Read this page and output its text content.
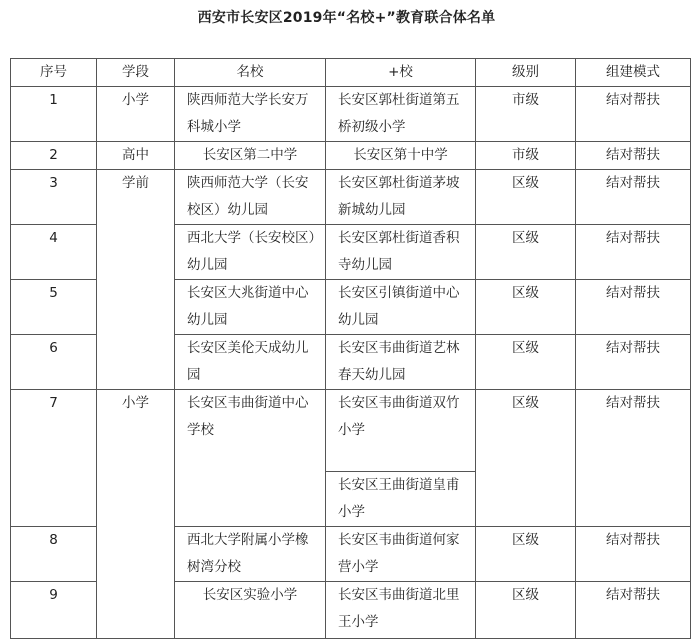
西安市长安区2019年“名校+”教育联合体名单
序号	学段	名校	+校	级别	组建模式
1	小学	陕西师范大学长安万科城小学	长安区郭杜街道第五桥初级小学	市级	结对帮扶
2	高中	长安区第二中学	长安区第十中学	市级	结对帮扶
3	学前	陕西师范大学（长安校区）幼儿园	长安区郭杜街道茅坡新城幼儿园	区级	结对帮扶
4		西北大学（长安校区）幼儿园	长安区郭杜街道香积寺幼儿园	区级	结对帮扶
5		长安区大兆街道中心幼儿园	长安区引镇街道中心幼儿园	区级	结对帮扶
6		长安区美伦天成幼儿园	长安区韦曲街道艺林春天幼儿园	区级	结对帮扶
7	小学	长安区韦曲街道中心学校	长安区韦曲街道双竹小学	区级	结对帮扶
			长安区王曲街道皇甫小学		
8		西北大学附属小学橡树湾分校	长安区韦曲街道何家营小学	区级	结对帮扶
9		长安区实验小学	长安区韦曲街道北里王小学	区级	结对帮扶
